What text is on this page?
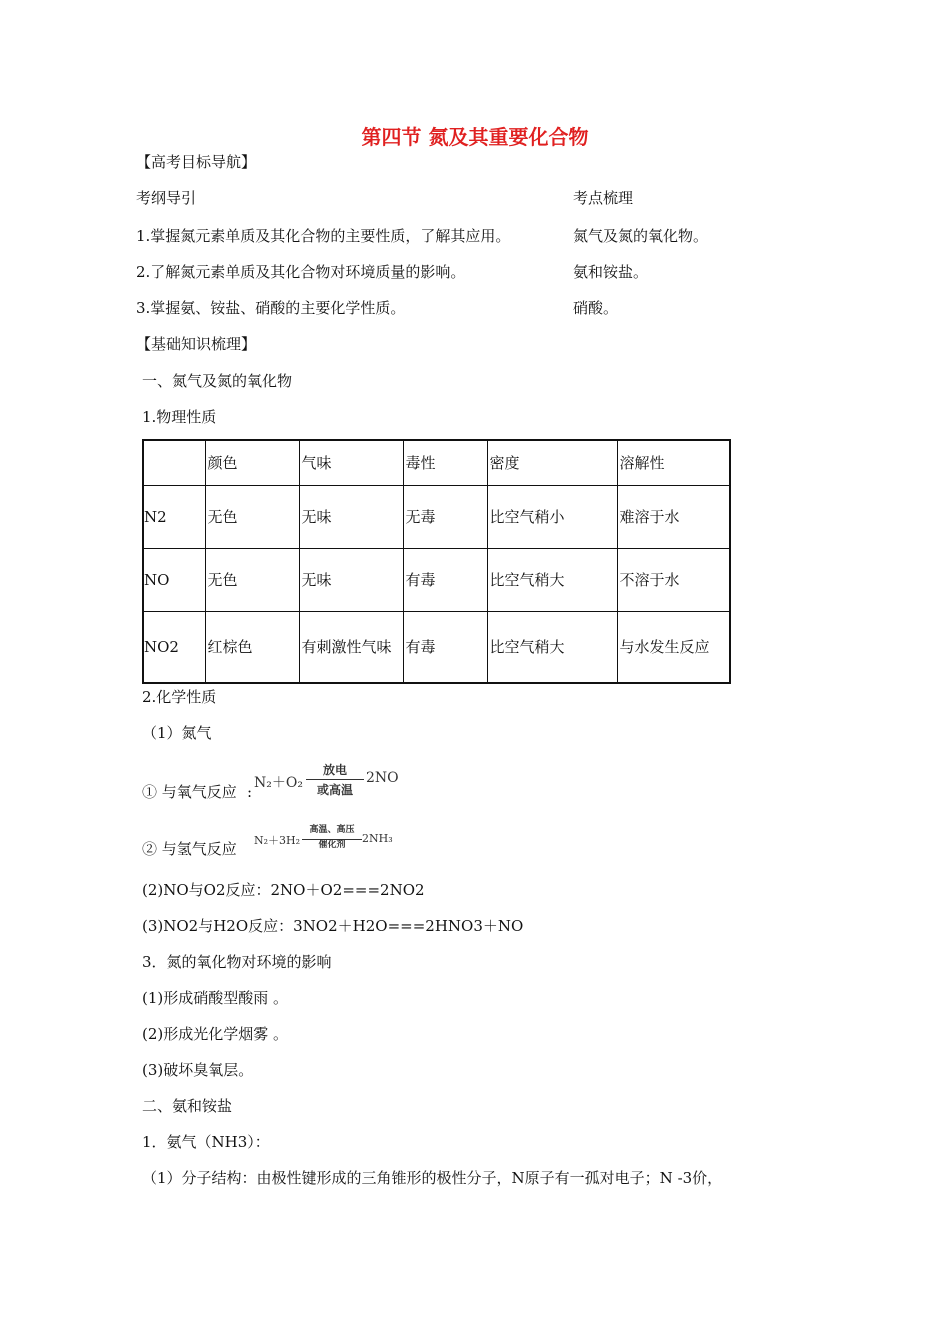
第四节 氮及其重要化合物
【高考目标导航】
考纲导引	考点梳理
1.掌握氮元素单质及其化合物的主要性质，了解其应用。	氮气及氮的氧化物。
2.了解氮元素单质及其化合物对环境质量的影响。	氨和铵盐。
3.掌握氨、铵盐、硝酸的主要化学性质。	硝酸。
【基础知识梳理】
一、氮气及氮的氧化物
1.物理性质
	颜色	气味	毒性	密度	溶解性
N2	无色	无味	无毒	比空气稍小	难溶于水
NO	无色	无味	有毒	比空气稍大	不溶于水
NO2	红棕色	有刺激性气味	有毒	比空气稍大	与水发生反应
2.化学性质
（1）氮气
① 与氧气反应 : N₂＋O₂
放电
或高温
2NO
② 与氢气反应 N₂＋3H₂
高温、高压
催化剂	2NH₃
(2)NO与O2反应：2NO＋O2===2NO2
(3)NO2与H2O反应：3NO2＋H2O===2HNO3＋NO
3．氮的氧化物对环境的影响
(1)形成硝酸型酸雨 。
(2)形成光化学烟雾 。
(3)破坏臭氧层。
二、氨和铵盐
1．氨气（NH3）：
（1）分子结构：由极性键形成的三角锥形的极性分子，N原子有一孤对电子；N -3价，
